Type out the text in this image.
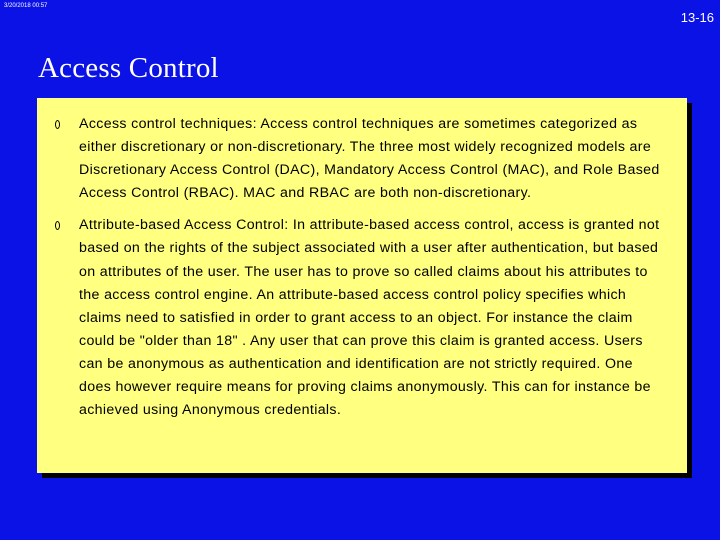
3/20/2018 00:57
13-16
Access Control
Access control techniques: Access control techniques are sometimes categorized as either discretionary or non-discretionary. The three most widely recognized models are Discretionary Access Control (DAC), Mandatory Access Control (MAC), and Role Based Access Control (RBAC). MAC and RBAC are both non-discretionary.
Attribute-based Access Control: In attribute-based access control, access is granted not based on the rights of the subject associated with a user after authentication, but based on attributes of the user. The user has to prove so called claims about his attributes to the access control engine. An attribute-based access control policy specifies which claims need to satisfied in order to grant access to an object. For instance the claim could be "older than 18" . Any user that can prove this claim is granted access. Users can be anonymous as authentication and identification are not strictly required. One does however require means for proving claims anonymously. This can for instance be achieved using Anonymous credentials.
